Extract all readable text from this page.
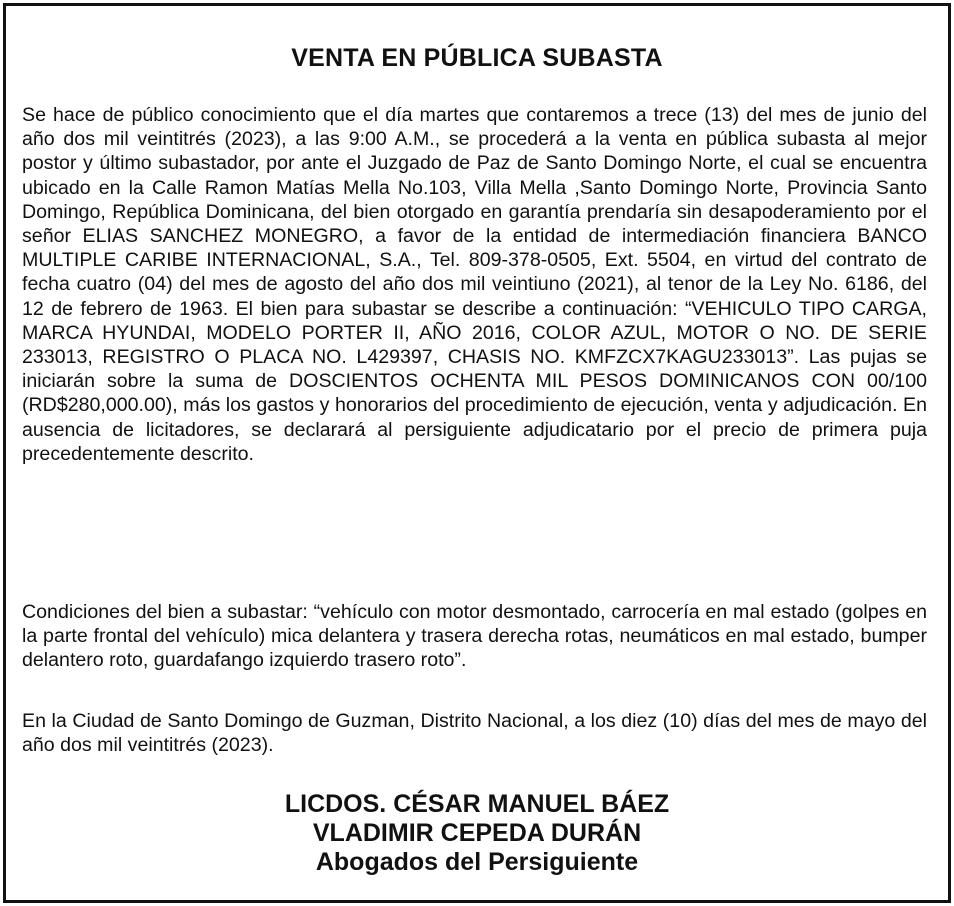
VENTA EN PÚBLICA SUBASTA
Se hace de público conocimiento que el día martes que contaremos a trece (13) del mes de junio del año dos mil veintitrés (2023), a las 9:00 A.M., se procederá a la venta en pública subasta al mejor postor y último subastador, por ante el Juzgado de Paz de Santo Domingo Norte, el cual se encuentra ubicado en la Calle Ramon Matías Mella No.103, Villa Mella ,Santo Domingo Norte, Provincia Santo Domingo, República Dominicana, del bien otorgado en garantía prendaría sin desapoderamiento por el señor ELIAS SANCHEZ MONEGRO, a favor de la entidad de intermediación financiera BANCO MULTIPLE CARIBE INTERNACIONAL, S.A., Tel. 809-378-0505, Ext. 5504, en virtud del contrato de fecha cuatro (04) del mes de agosto del año dos mil veintiuno (2021), al tenor de la Ley No. 6186, del 12 de febrero de 1963. El bien para subastar se describe a continuación: “VEHICULO TIPO CARGA, MARCA HYUNDAI, MODELO PORTER II, AÑO 2016, COLOR AZUL, MOTOR O NO. DE SERIE 233013, REGISTRO O PLACA NO. L429397, CHASIS NO. KMFZCX7KAGU233013”. Las pujas se iniciarán sobre la suma de DOSCIENTOS OCHENTA MIL PESOS DOMINICANOS CON 00/100 (RD$280,000.00), más los gastos y honorarios del procedimiento de ejecución, venta y adjudicación. En ausencia de licitadores, se declarará al persiguiente adjudicatario por el precio de primera puja precedentemente descrito.
Condiciones del bien a subastar: “vehículo con motor desmontado, carrocería en mal estado (golpes en la parte frontal del vehículo) mica delantera y trasera derecha rotas, neumáticos en mal estado, bumper delantero roto, guardafango izquierdo trasero roto”.
En la Ciudad de Santo Domingo de Guzman, Distrito Nacional, a los diez (10) días del mes de mayo del año dos mil veintitrés (2023).
LICDOS. CÉSAR MANUEL BÁEZ
VLADIMIR CEPEDA DURÁN
Abogados del Persiguiente
